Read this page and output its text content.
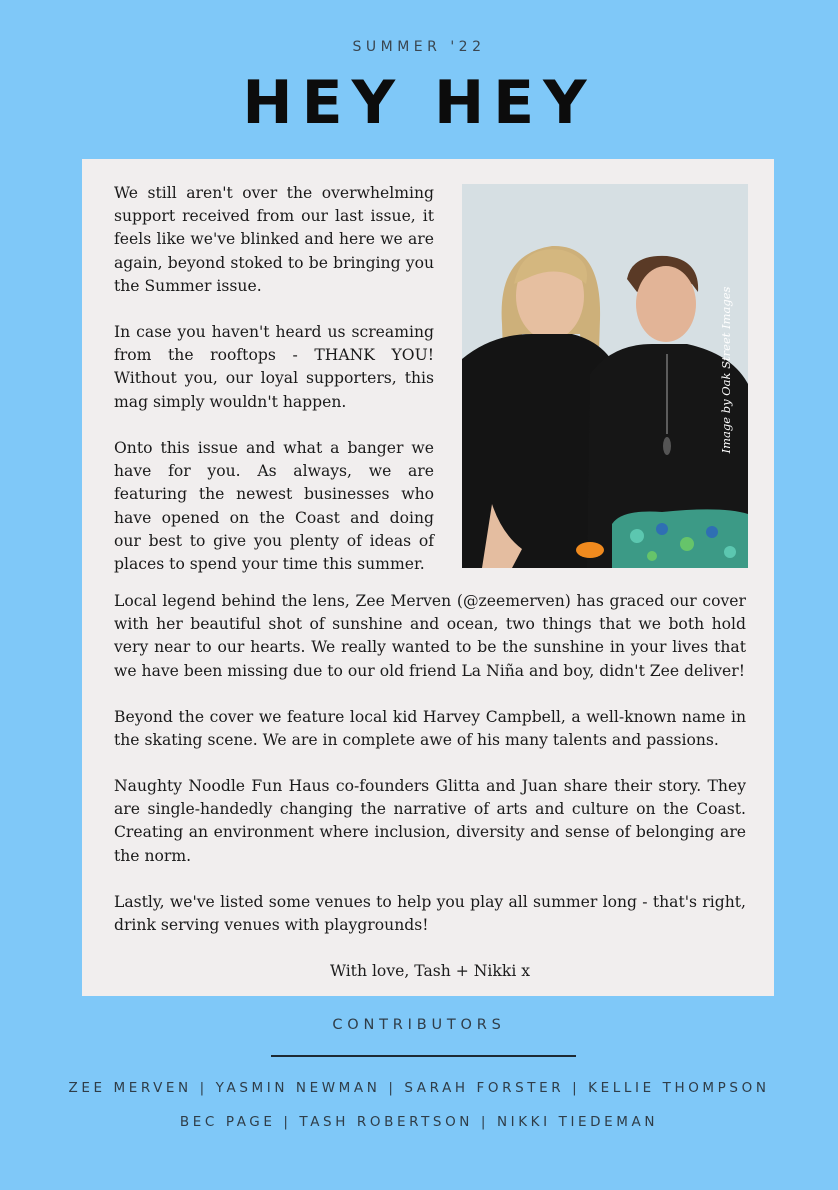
SUMMER '22
HEY HEY
Image by Oak Street Images

We still aren't over the overwhelming support received from our last issue, it feels like we've blinked and here we are again, beyond stoked to be bringing you the Summer issue.

In case you haven't heard us screaming from the rooftops - THANK YOU! Without you, our loyal supporters, this mag simply wouldn't happen.

Onto this issue and what a banger we have for you. As always, we are featuring the newest businesses who have opened on the Coast and doing our best to give you plenty of ideas of places to spend your time this summer.

Local legend behind the lens, Zee Merven (@zeemerven) has graced our cover with her beautiful shot of sunshine and ocean, two things that we both hold very near to our hearts. We really wanted to be the sunshine in your lives that we have been missing due to our old friend La Niña and boy, didn't Zee deliver!

Beyond the cover we feature local kid Harvey Campbell, a well-known name in the skating scene. We are in complete awe of his many talents and passions.

Naughty Noodle Fun Haus co-founders Glitta and Juan share their story. They are single-handedly changing the narrative of arts and culture on the Coast. Creating an environment where inclusion, diversity and sense of belonging are the norm.

Lastly, we've listed some venues to help you play all summer long - that's right, drink serving venues with playgrounds!

With love, Tash + Nikki x

CONTRIBUTORS
ZEE MERVEN | YASMIN NEWMAN | SARAH FORSTER | KELLIE THOMPSON
BEC PAGE | TASH ROBERTSON | NIKKI TIEDEMAN
